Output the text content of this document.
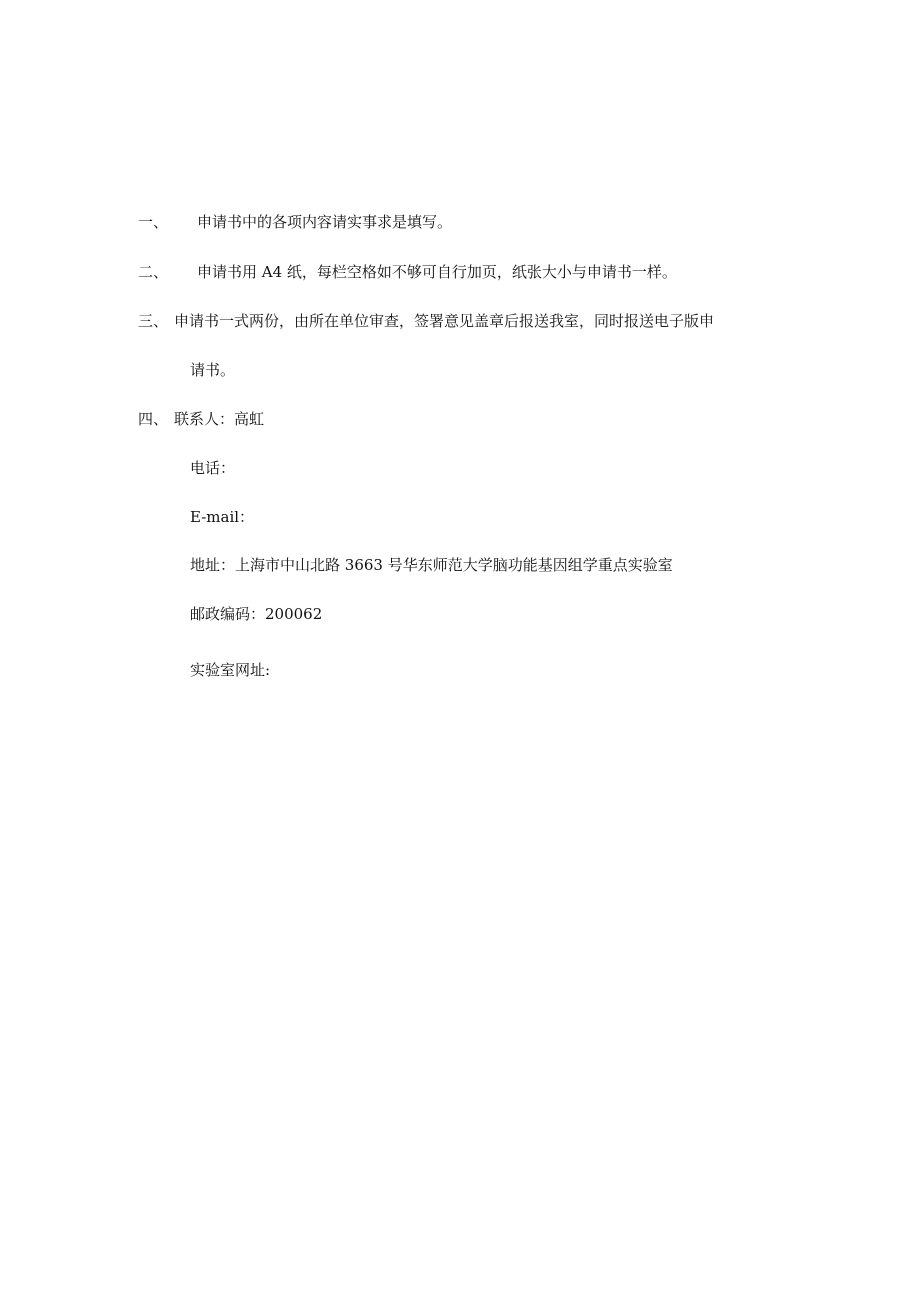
一、 申请书中的各项内容请实事求是填写。
二、 申请书用 A4 纸，每栏空格如不够可自行加页，纸张大小与申请书一样。
三、 申请书一式两份，由所在单位审查，签署意见盖章后报送我室，同时报送电子版申
请书。
四、 联系人：高虹
电话：
E-mail：
地址：上海市中山北路 3663 号华东师范大学脑功能基因组学重点实验室
邮政编码：200062
实验室网址:
